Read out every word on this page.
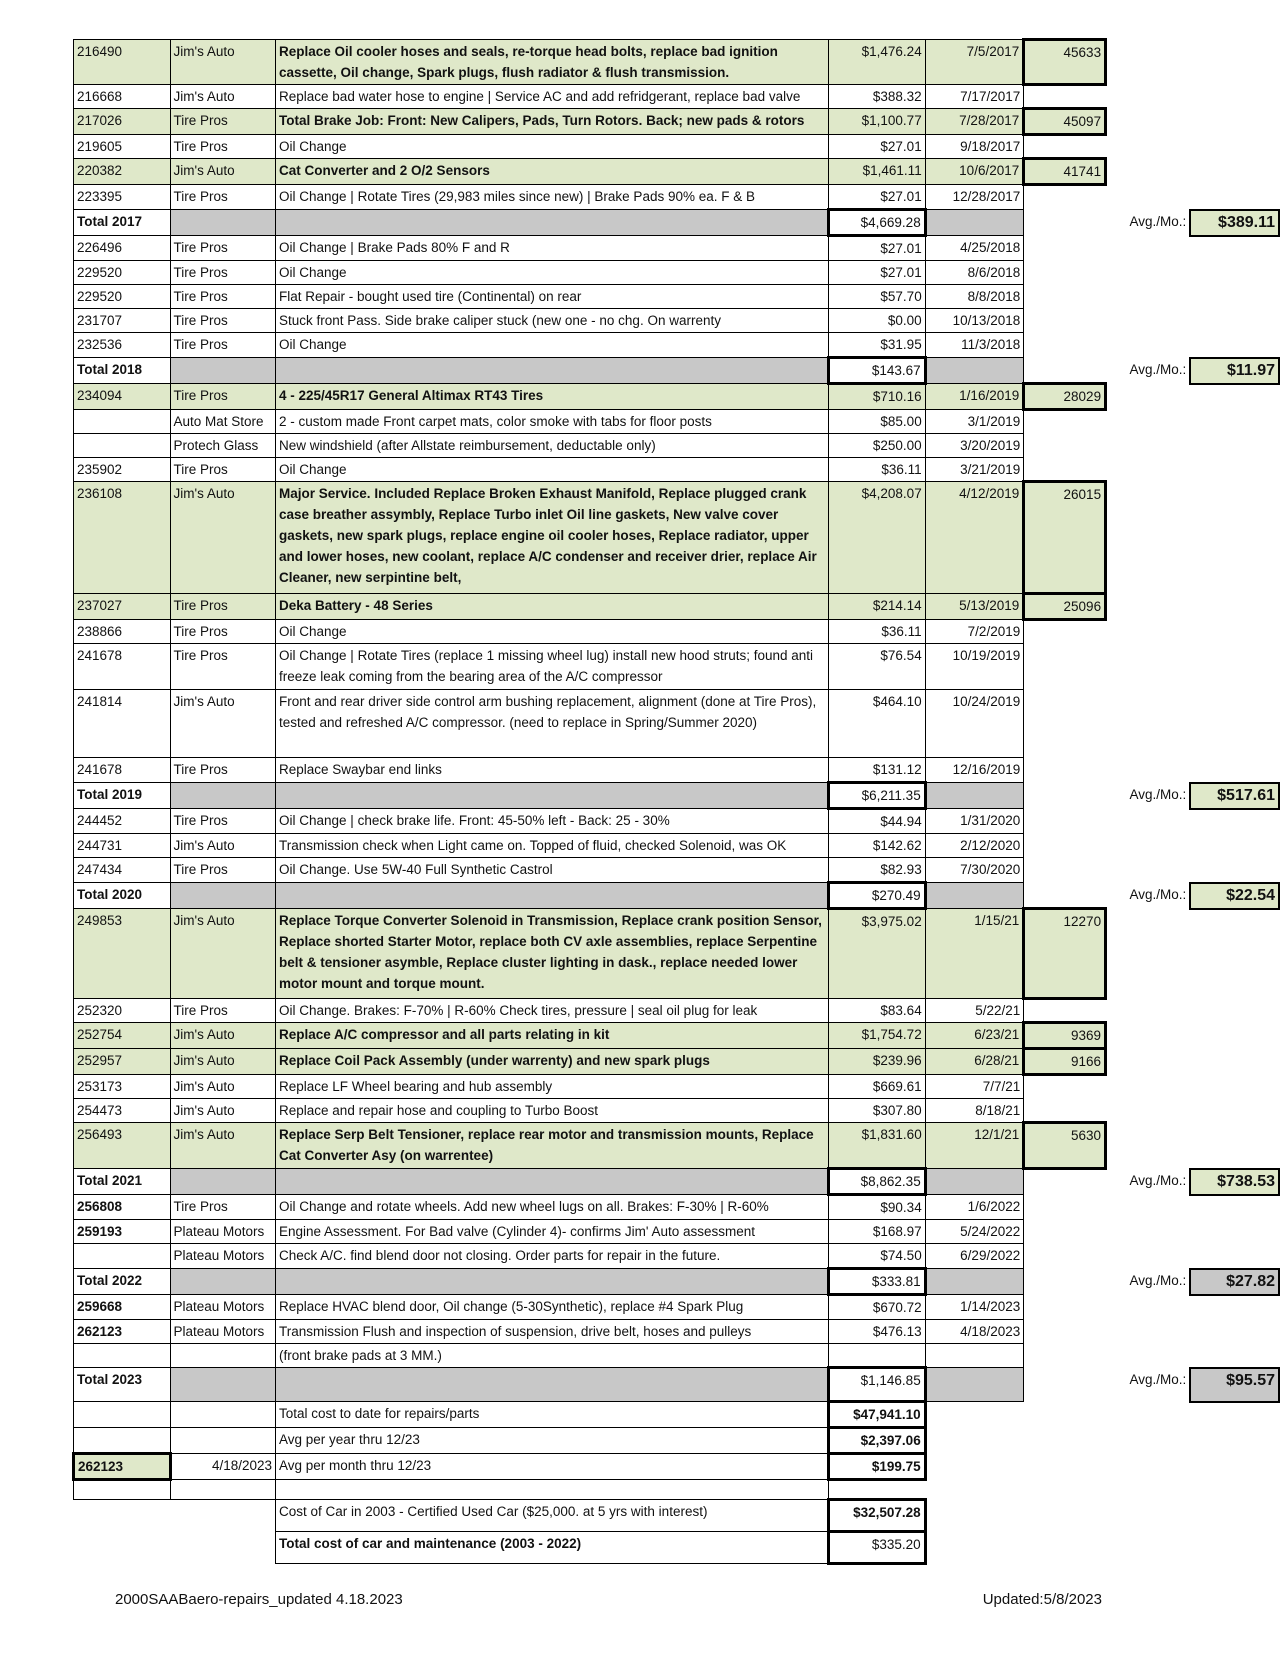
216490	Jim's Auto	Replace Oil cooler hoses and seals, re-torque head bolts, replace bad ignition cassette, Oil change, Spark plugs, flush radiator & flush transmission.	$1,476.24	7/5/2017	45633		
216668	Jim's Auto	Replace bad water hose to engine | Service AC and add refridgerant, replace bad valve	$388.32	7/17/2017			
217026	Tire Pros	Total Brake Job: Front: New Calipers, Pads, Turn Rotors. Back; new pads & rotors	$1,100.77	7/28/2017	45097		
219605	Tire Pros	Oil Change	$27.01	9/18/2017			
220382	Jim's Auto	Cat Converter and 2 O/2 Sensors	$1,461.11	10/6/2017	41741		
223395	Tire Pros	Oil Change | Rotate Tires (29,983 miles since new) | Brake Pads 90% ea. F & B	$27.01	12/28/2017			
Total 2017			$4,669.28			Avg./Mo.:	$389.11
226496	Tire Pros	Oil Change | Brake Pads 80% F and R	$27.01	4/25/2018			
229520	Tire Pros	Oil Change	$27.01	8/6/2018			
229520	Tire Pros	Flat Repair - bought used tire (Continental) on rear	$57.70	8/8/2018			
231707	Tire Pros	Stuck front Pass. Side brake caliper stuck (new one - no chg. On warrenty	$0.00	10/13/2018			
232536	Tire Pros	Oil Change	$31.95	11/3/2018			
Total 2018			$143.67			Avg./Mo.:	$11.97
234094	Tire Pros	4 - 225/45R17 General Altimax RT43 Tires	$710.16	1/16/2019	28029		
	Auto Mat Store	2 - custom made Front carpet mats, color smoke with tabs for floor posts	$85.00	3/1/2019			
	Protech Glass	New windshield (after Allstate reimbursement, deductable only)	$250.00	3/20/2019			
235902	Tire Pros	Oil Change	$36.11	3/21/2019			
236108	Jim's Auto	Major Service. Included Replace Broken Exhaust Manifold, Replace plugged crank case breather assymbly, Replace Turbo inlet Oil line gaskets, New valve cover gaskets, new spark plugs, replace engine oil cooler hoses, Replace radiator, upper and lower hoses, new coolant, replace A/C condenser and receiver drier, replace Air Cleaner, new serpintine belt,	$4,208.07	4/12/2019	26015		
237027	Tire Pros	Deka Battery - 48 Series	$214.14	5/13/2019	25096		
238866	Tire Pros	Oil Change	$36.11	7/2/2019			
241678	Tire Pros	Oil Change | Rotate Tires (replace 1 missing wheel lug) install new hood struts; found anti freeze leak coming from the bearing area of the A/C compressor	$76.54	10/19/2019			
241814	Jim's Auto	Front and rear driver side control arm bushing replacement, alignment (done at Tire Pros), tested and refreshed A/C compressor. (need to replace in Spring/Summer 2020)	$464.10	10/24/2019			
241678	Tire Pros	Replace Swaybar end links	$131.12	12/16/2019			
Total 2019			$6,211.35			Avg./Mo.:	$517.61
244452	Tire Pros	Oil Change | check brake life. Front: 45-50% left - Back: 25 - 30%	$44.94	1/31/2020			
244731	Jim's Auto	Transmission check when Light came on. Topped of fluid, checked Solenoid, was OK	$142.62	2/12/2020			
247434	Tire Pros	Oil Change. Use 5W-40 Full Synthetic Castrol	$82.93	7/30/2020			
Total 2020			$270.49			Avg./Mo.:	$22.54
249853	Jim's Auto	Replace Torque Converter Solenoid in Transmission, Replace crank position Sensor, Replace shorted Starter Motor, replace both CV axle assemblies, replace Serpentine belt & tensioner asymble, Replace cluster lighting in dask., replace needed lower motor mount and torque mount.	$3,975.02	1/15/21	12270		
252320	Tire Pros	Oil Change. Brakes: F-70% | R-60% Check tires, pressure | seal oil plug for leak	$83.64	5/22/21			
252754	Jim's Auto	Replace A/C compressor and all parts relating in kit	$1,754.72	6/23/21	9369		
252957	Jim's Auto	Replace Coil Pack Assembly (under warrenty) and new spark plugs	$239.96	6/28/21	9166		
253173	Jim's Auto	Replace LF Wheel bearing and hub assembly	$669.61	7/7/21			
254473	Jim's Auto	Replace and repair hose and coupling to Turbo Boost	$307.80	8/18/21			
256493	Jim's Auto	Replace Serp Belt Tensioner, replace rear motor and transmission mounts, Replace Cat Converter Asy (on warrentee)	$1,831.60	12/1/21	5630		
Total 2021			$8,862.35			Avg./Mo.:	$738.53
256808	Tire Pros	Oil Change and rotate wheels. Add new wheel lugs on all. Brakes: F-30% | R-60%	$90.34	1/6/2022			
259193	Plateau Motors	Engine Assessment. For Bad valve (Cylinder 4)- confirms Jim' Auto assessment	$168.97	5/24/2022			
	Plateau Motors	Check A/C. find blend door not closing. Order parts for repair in the future.	$74.50	6/29/2022			
Total 2022			$333.81			Avg./Mo.:	$27.82
259668	Plateau Motors	Replace HVAC blend door, Oil change (5-30Synthetic), replace #4 Spark Plug	$670.72	1/14/2023			
262123	Plateau Motors	Transmission Flush and inspection of suspension, drive belt, hoses and pulleys	$476.13	4/18/2023			
		(front brake pads at 3 MM.)					
Total 2023			$1,146.85			Avg./Mo.:	$95.57
		Total cost to date for repairs/parts	$47,941.10				
		Avg per year thru 12/23	$2,397.06				
262123	4/18/2023	Avg per month thru 12/23	$199.75				

		Cost of Car in 2003 - Certified Used Car ($25,000. at 5 yrs with interest)	$32,507.28				
		Total cost of car and maintenance (2003 - 2022)	$335.20				
2000SAABaero-repairs_updated 4.18.2023	Updated:5/8/2023
